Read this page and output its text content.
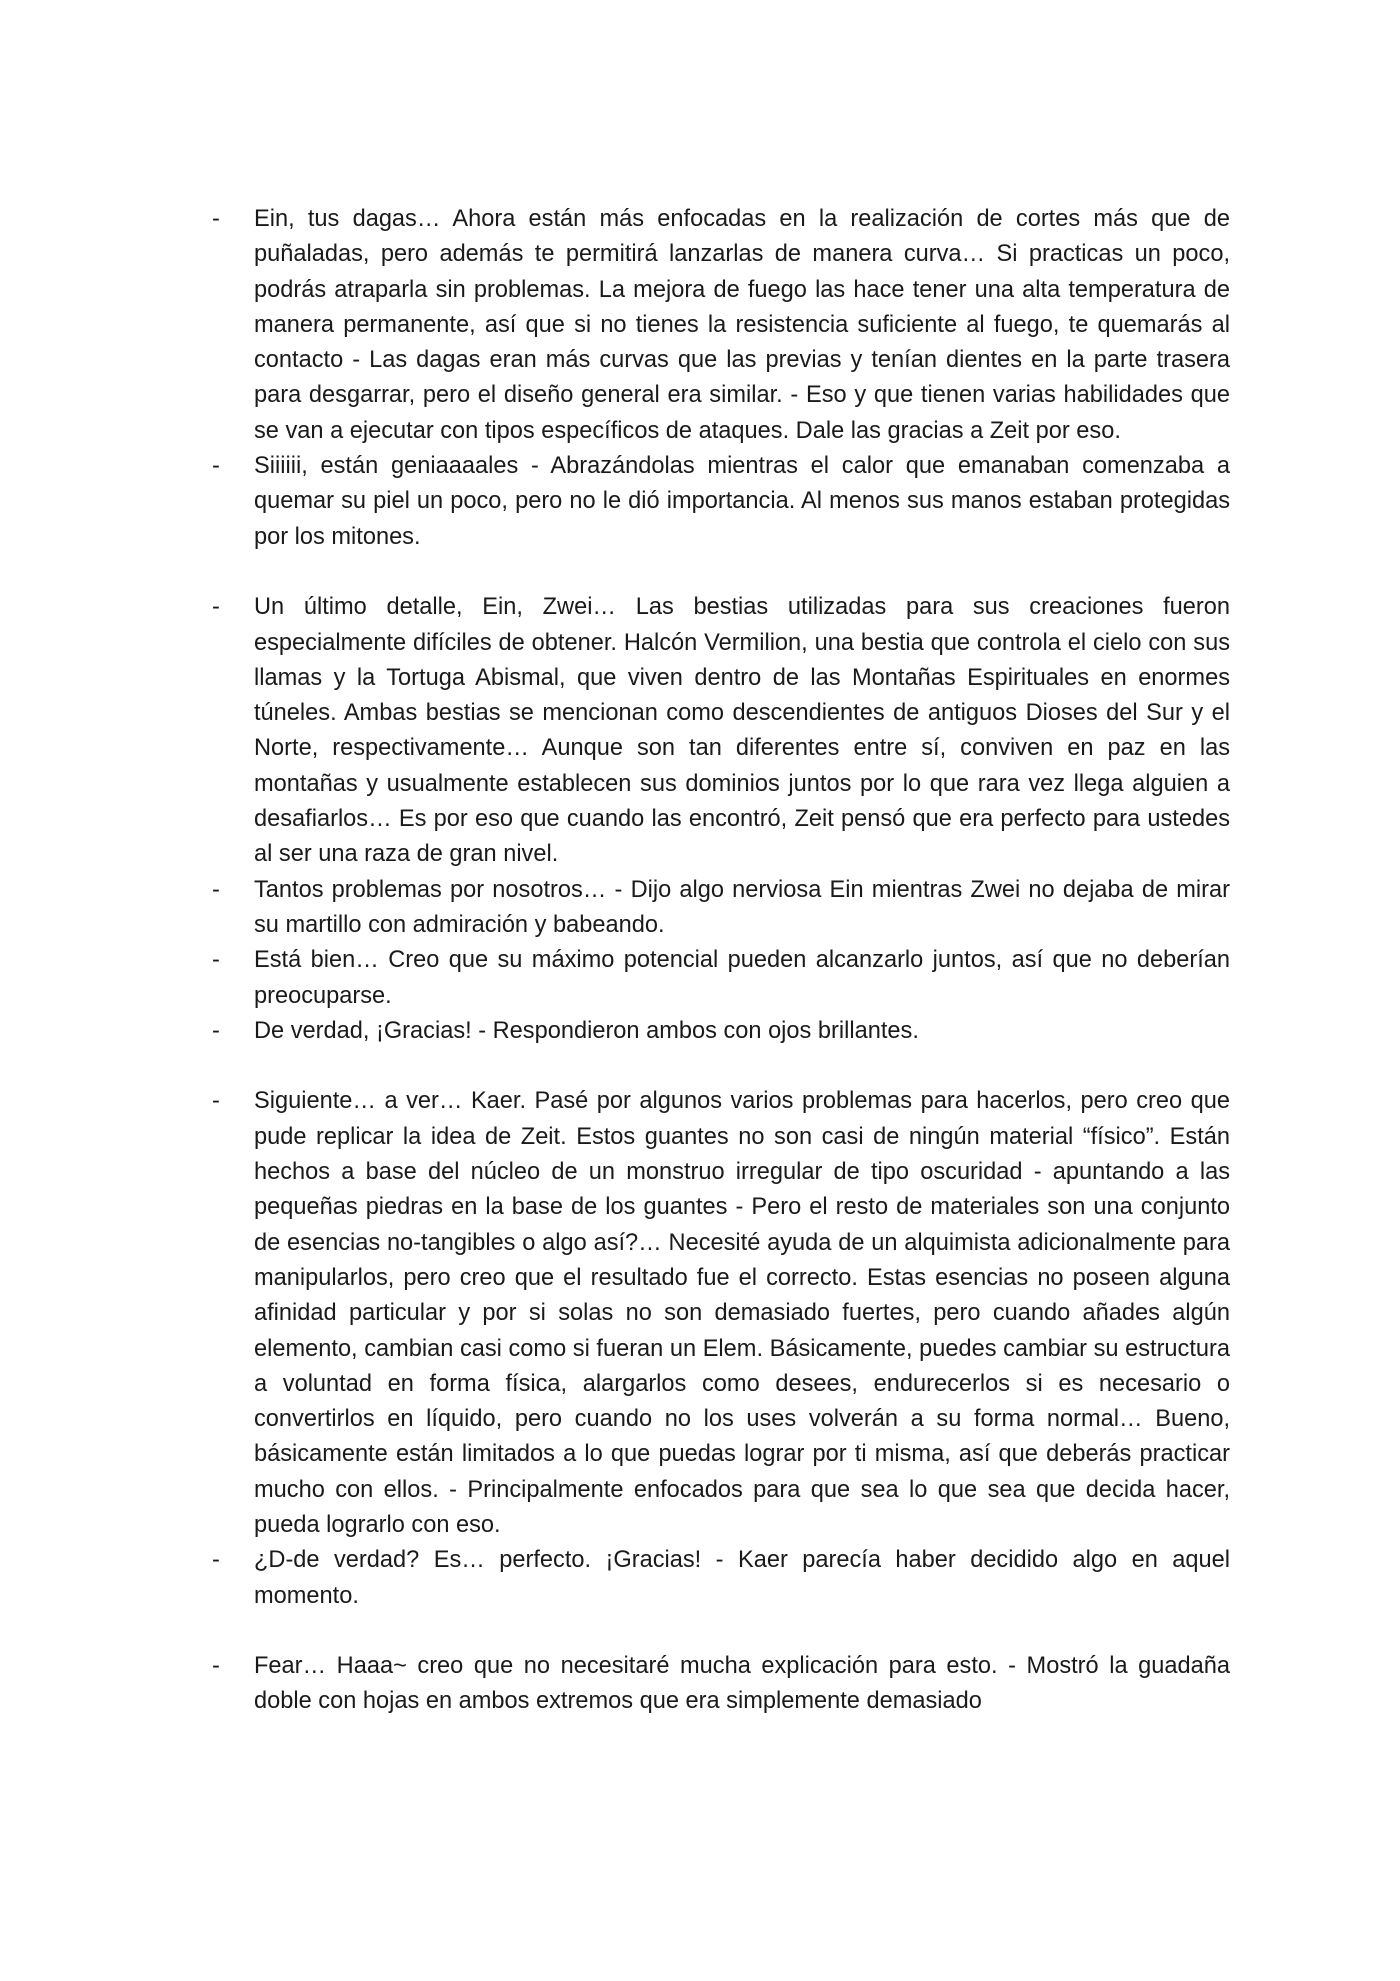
- Ein, tus dagas… Ahora están más enfocadas en la realización de cortes más que de puñaladas, pero además te permitirá lanzarlas de manera curva… Si practicas un poco, podrás atraparla sin problemas. La mejora de fuego las hace tener una alta temperatura de manera permanente, así que si no tienes la resistencia suficiente al fuego, te quemarás al contacto - Las dagas eran más curvas que las previas y tenían dientes en la parte trasera para desgarrar, pero el diseño general era similar. - Eso y que tienen varias habilidades que se van a ejecutar con tipos específicos de ataques. Dale las gracias a Zeit por eso.
- Siiiiii, están geniaaaales - Abrazándolas mientras el calor que emanaban comenzaba a quemar su piel un poco, pero no le dió importancia. Al menos sus manos estaban protegidas por los mitones.
- Un último detalle, Ein, Zwei… Las bestias utilizadas para sus creaciones fueron especialmente difíciles de obtener. Halcón Vermilion, una bestia que controla el cielo con sus llamas y la Tortuga Abismal, que viven dentro de las Montañas Espirituales en enormes túneles. Ambas bestias se mencionan como descendientes de antiguos Dioses del Sur y el Norte, respectivamente… Aunque son tan diferentes entre sí, conviven en paz en las montañas y usualmente establecen sus dominios juntos por lo que rara vez llega alguien a desafiarlos… Es por eso que cuando las encontró, Zeit pensó que era perfecto para ustedes al ser una raza de gran nivel.
- Tantos problemas por nosotros… - Dijo algo nerviosa Ein mientras Zwei no dejaba de mirar su martillo con admiración y babeando.
- Está bien… Creo que su máximo potencial pueden alcanzarlo juntos, así que no deberían preocuparse.
- De verdad, ¡Gracias! - Respondieron ambos con ojos brillantes.
- Siguiente… a ver… Kaer. Pasé por algunos varios problemas para hacerlos, pero creo que pude replicar la idea de Zeit. Estos guantes no son casi de ningún material “físico”. Están hechos a base del núcleo de un monstruo irregular de tipo oscuridad - apuntando a las pequeñas piedras en la base de los guantes - Pero el resto de materiales son una conjunto de esencias no-tangibles o algo así?… Necesité ayuda de un alquimista adicionalmente para manipularlos, pero creo que el resultado fue el correcto. Estas esencias no poseen alguna afinidad particular y por si solas no son demasiado fuertes, pero cuando añades algún elemento, cambian casi como si fueran un Elem. Básicamente, puedes cambiar su estructura a voluntad en forma física, alargarlos como desees, endurecerlos si es necesario o convertirlos en líquido, pero cuando no los uses volverán a su forma normal… Bueno, básicamente están limitados a lo que puedas lograr por ti misma, así que deberás practicar mucho con ellos. - Principalmente enfocados para que sea lo que sea que decida hacer, pueda lograrlo con eso.
- ¿D-de verdad? Es… perfecto. ¡Gracias! - Kaer parecía haber decidido algo en aquel momento.
- Fear… Haaa~ creo que no necesitaré mucha explicación para esto. - Mostró la guadaña doble con hojas en ambos extremos que era simplemente demasiado
